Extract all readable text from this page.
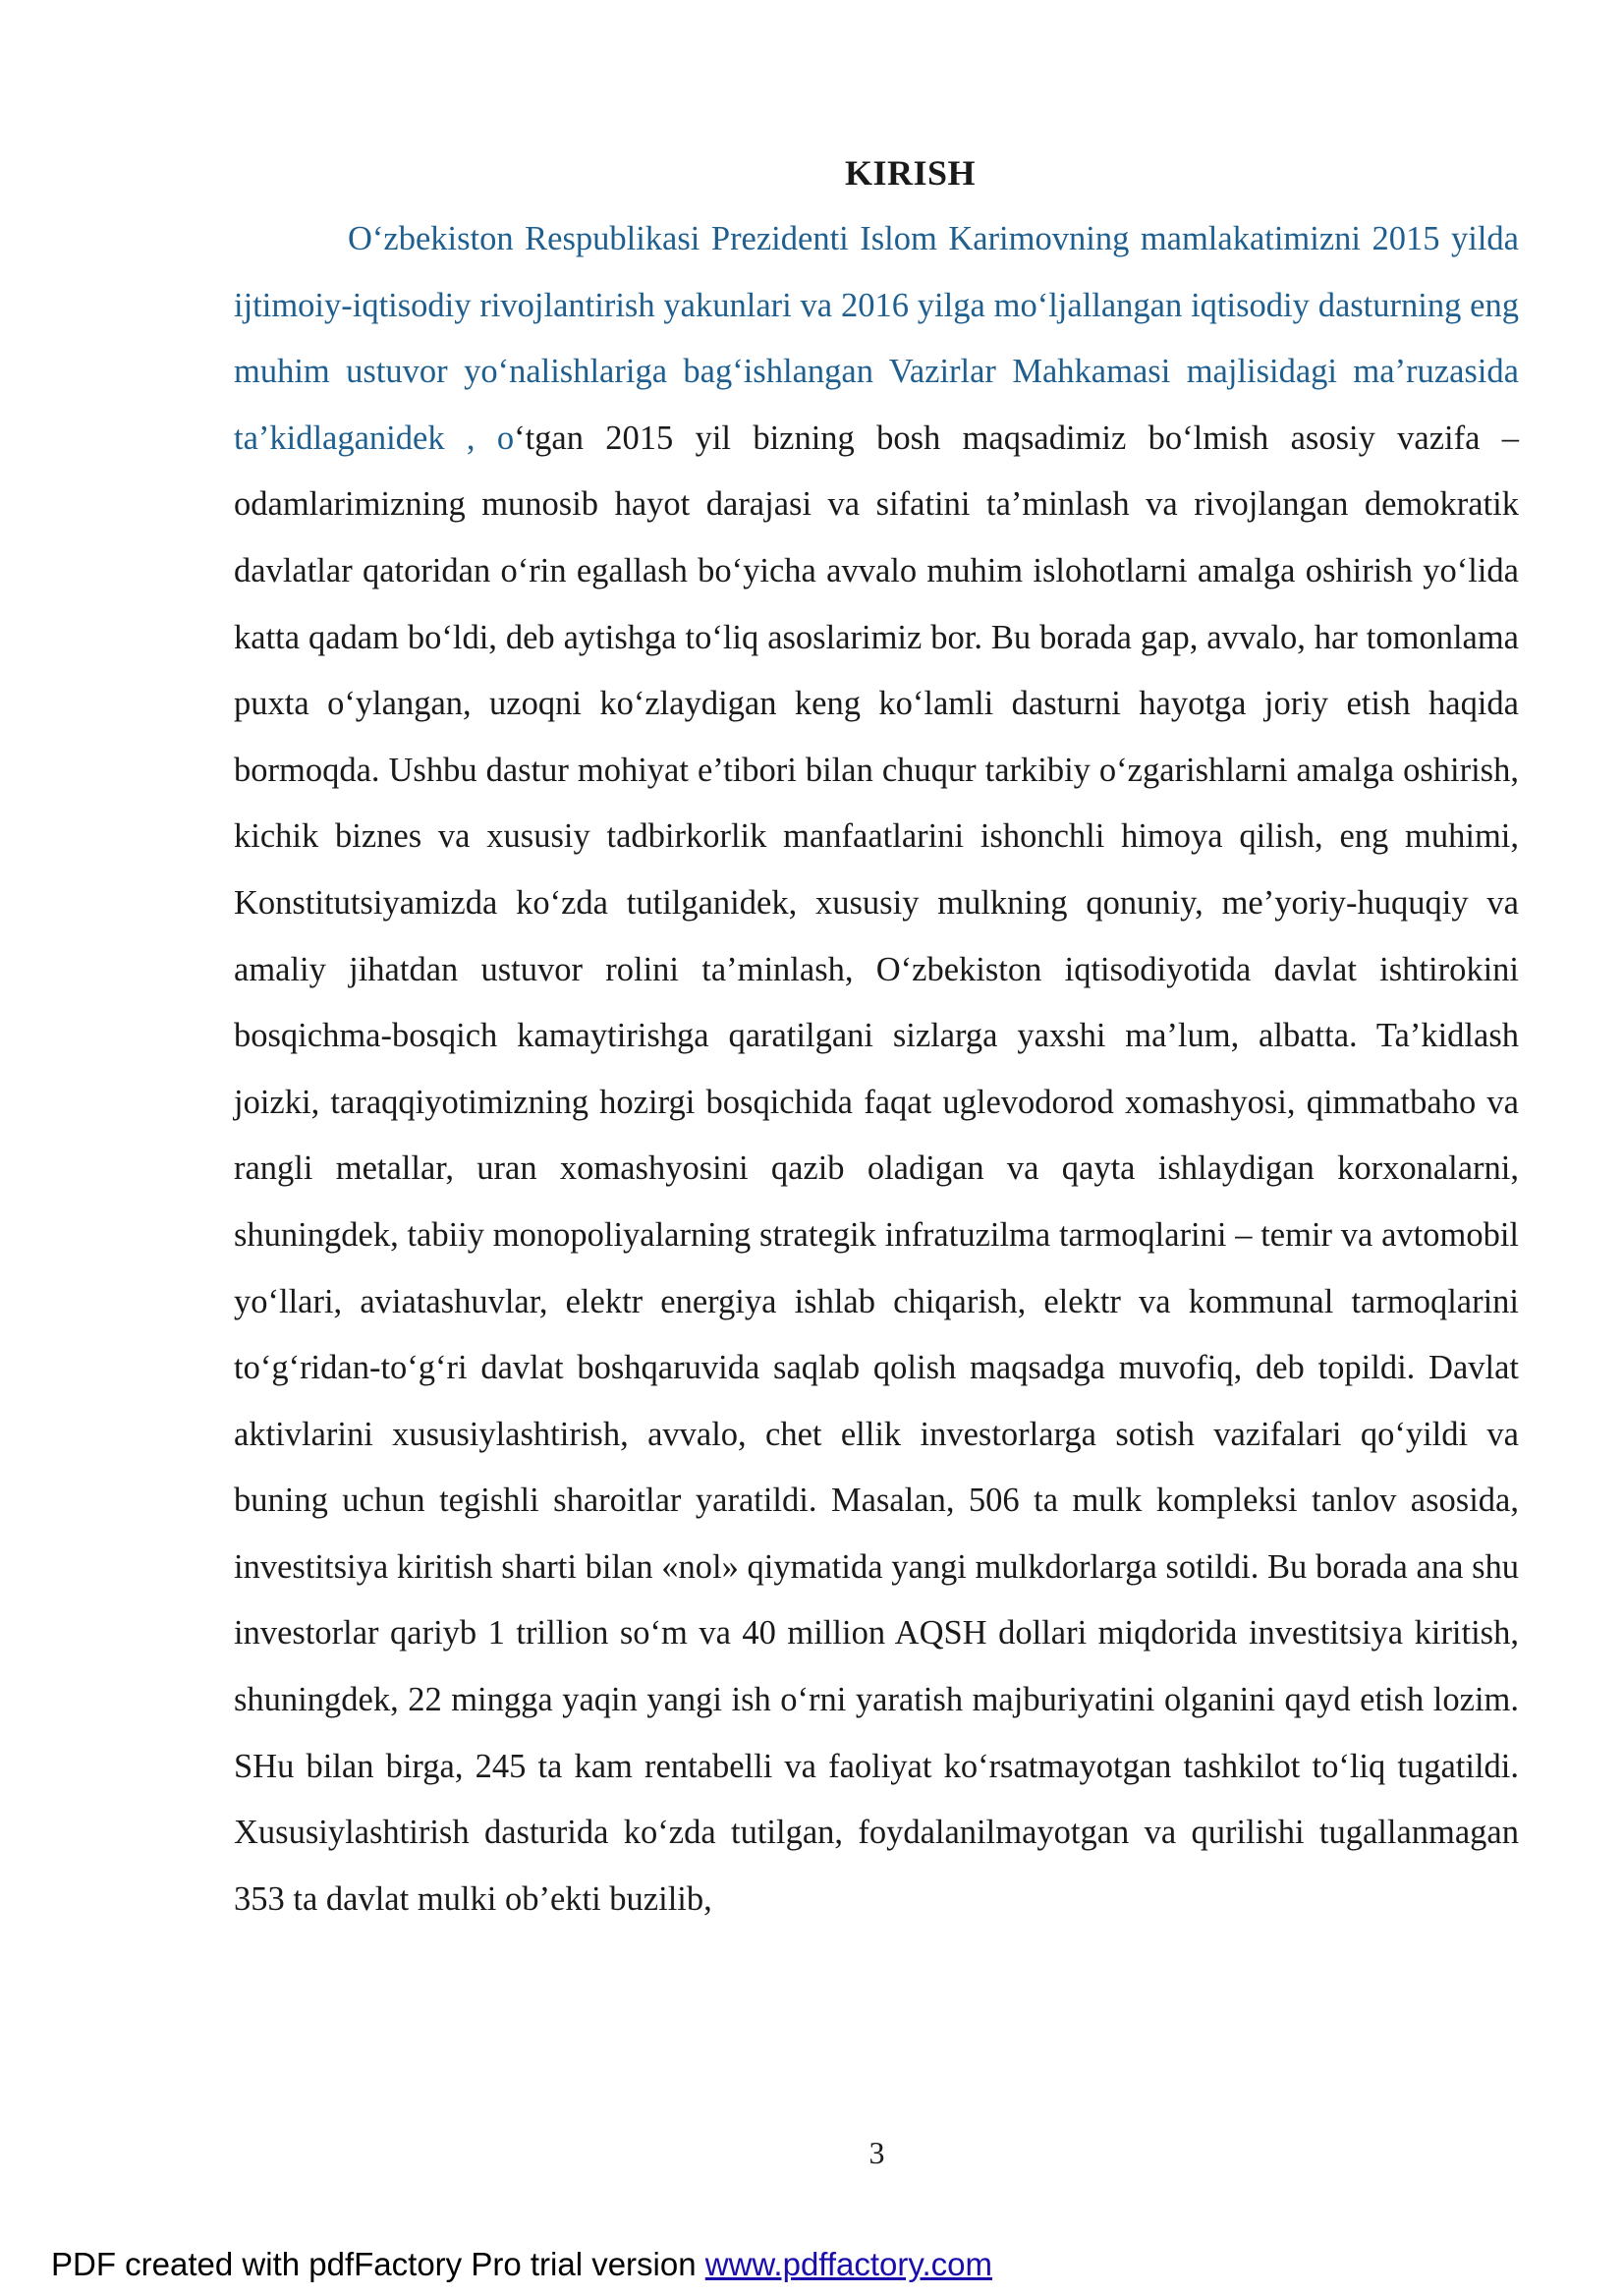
KIRISH

O‘zbekiston Respublikasi Prezidenti Islom Karimovning mamlakatimizni 2015 yilda ijtimoiy-iqtisodiy rivojlantirish yakunlari va 2016 yilga mo‘ljallangan iqtisodiy dasturning eng muhim ustuvor yo‘nalishlariga bag‘ishlangan Vazirlar Mahkamasi majlisidagi ma’ruzasida ta’kidlaganidek , o‘tgan 2015 yil bizning bosh maqsadimiz bo‘lmish asosiy vazifa – odamlarimizning munosib hayot darajasi va sifatini ta’minlash va rivojlangan demokratik davlatlar qatoridan o‘rin egallash bo‘yicha avvalo muhim islohotlarni amalga oshirish yo‘lida katta qadam bo‘ldi, deb aytishga to‘liq asoslarimiz bor. Bu borada gap, avvalo, har tomonlama puxta o‘ylangan, uzoqni ko‘zlaydigan keng ko‘lamli dasturni hayotga joriy etish haqida bormoqda. Ushbu dastur mohiyat e’tibori bilan chuqur tarkibiy o‘zgarishlarni amalga oshirish, kichik biznes va xususiy tadbirkorlik manfaatlarini ishonchli himoya qilish, eng muhimi, Konstitutsiyamizda ko‘zda tutilganidek, xususiy mulkning qonuniy, me’yoriy-huquqiy va amaliy jihatdan ustuvor rolini ta’minlash, O‘zbekiston iqtisodiyotida davlat ishtirokini bosqichma-bosqich kamaytirishga qaratilgani sizlarga yaxshi ma’lum, albatta. Ta’kidlash joizki, taraqqiyotimizning hozirgi bosqichida faqat uglevodorod xomashyosi, qimmatbaho va rangli metallar, uran xomashyosini qazib oladigan va qayta ishlaydigan korxonalarni, shuningdek, tabiiy monopoliyalarning strategik infratuzilma tarmoqlarini – temir va avtomobil yo‘llari, aviatashuvlar, elektr energiya ishlab chiqarish, elektr va kommunal tarmoqlarini to‘g‘ridan-to‘g‘ri davlat boshqaruvida saqlab qolish maqsadga muvofiq, deb topildi. Davlat aktivlarini xususiylashtirish, avvalo, chet ellik investorlarga sotish vazifalari qo‘yildi va buning uchun tegishli sharoitlar yaratildi. Masalan, 506 ta mulk kompleksi tanlov asosida, investitsiya kiritish sharti bilan «nol» qiymatida yangi mulkdorlarga sotildi. Bu borada ana shu investorlar qariyb 1 trillion so‘m va 40 million AQSH dollari miqdorida investitsiya kiritish, shuningdek, 22 mingga yaqin yangi ish o‘rni yaratish majburiyatini olganini qayd etish lozim. SHu bilan birga, 245 ta kam rentabelli va faoliyat ko‘rsatmayotgan tashkilot to‘liq tugatildi. Xususiylashtirish dasturida ko‘zda tutilgan, foydalanilmayotgan va qurilishi tugallanmagan 353 ta davlat mulki ob’ekti buzilib,

3
PDF created with pdfFactory Pro trial version www.pdffactory.com
